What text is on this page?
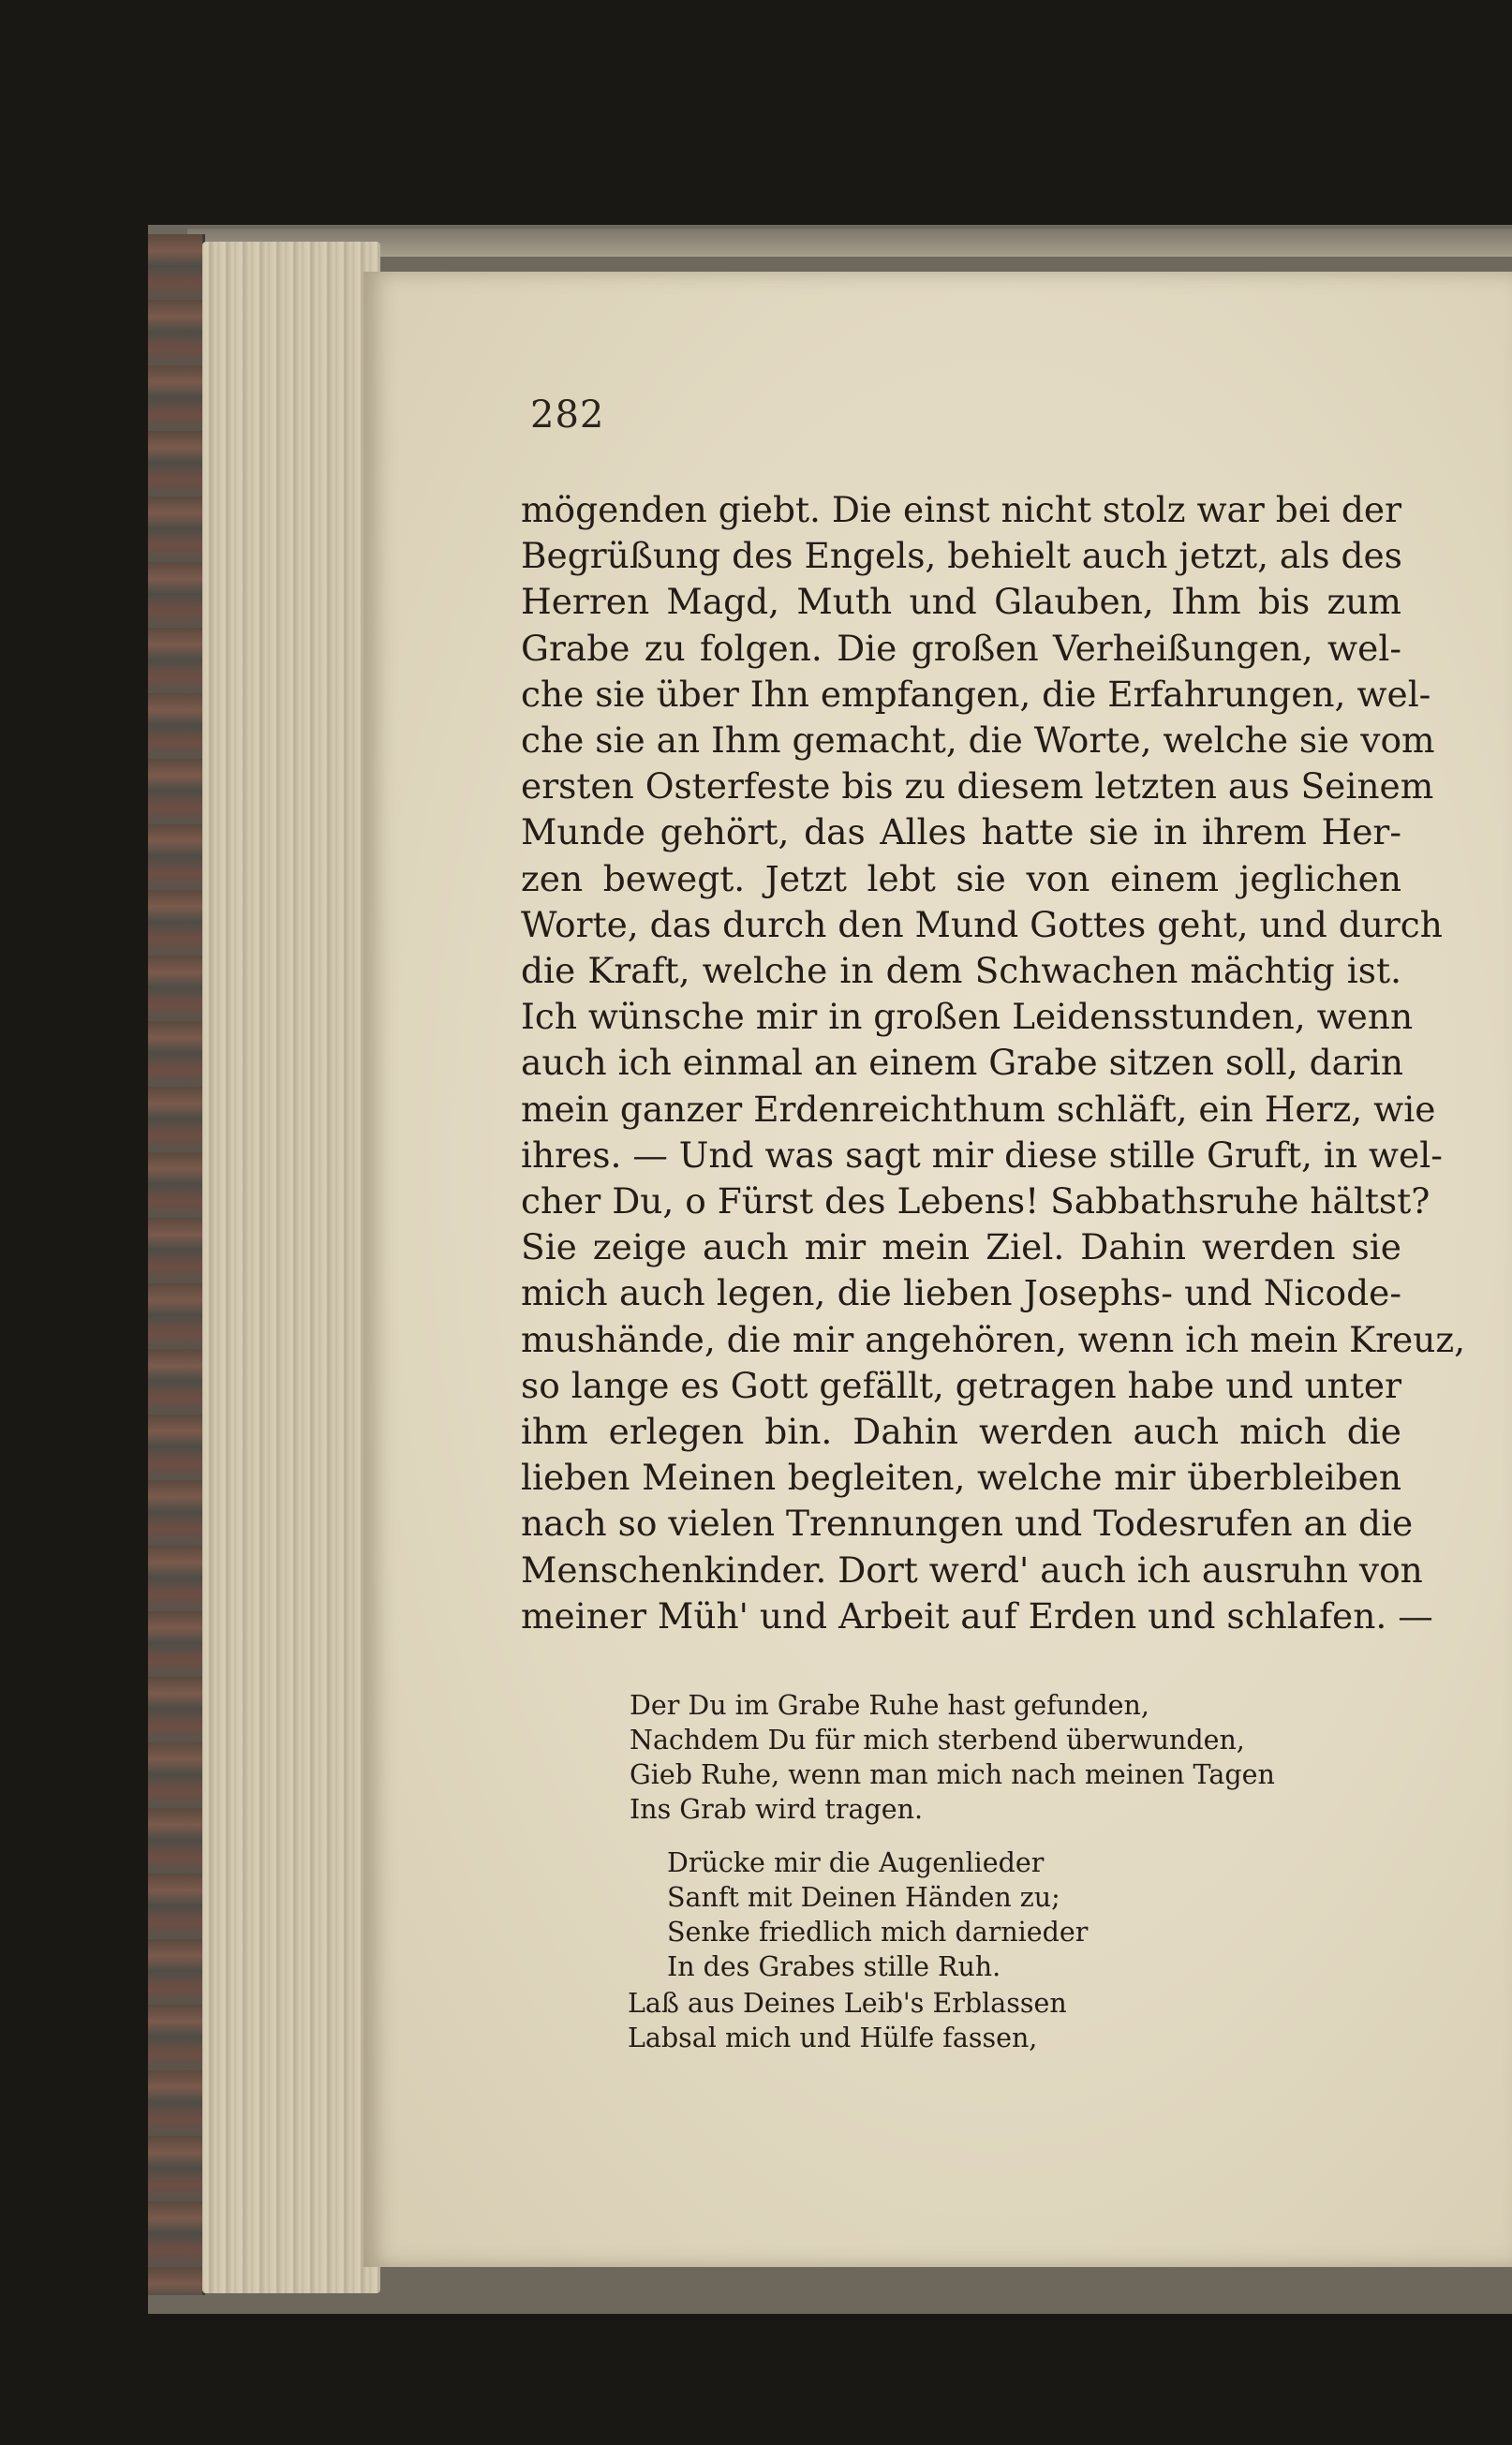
282
mögenden giebt. Die einst nicht stolz war bei der
Begrüßung des Engels, behielt auch jetzt, als des
Herren Magd, Muth und Glauben, Ihm bis zum
Grabe zu folgen. Die großen Verheißungen, wel-
che sie über Ihn empfangen, die Erfahrungen, wel-
che sie an Ihm gemacht, die Worte, welche sie vom
ersten Osterfeste bis zu diesem letzten aus Seinem
Munde gehört, das Alles hatte sie in ihrem Her-
zen bewegt. Jetzt lebt sie von einem jeglichen
Worte, das durch den Mund Gottes geht, und durch
die Kraft, welche in dem Schwachen mächtig ist.
Ich wünsche mir in großen Leidensstunden, wenn
auch ich einmal an einem Grabe sitzen soll, darin
mein ganzer Erdenreichthum schläft, ein Herz, wie
ihres. — Und was sagt mir diese stille Gruft, in wel-
cher Du, o Fürst des Lebens! Sabbathsruhe hältst?
Sie zeige auch mir mein Ziel. Dahin werden sie
mich auch legen, die lieben Josephs- und Nicode-
mushände, die mir angehören, wenn ich mein Kreuz,
so lange es Gott gefällt, getragen habe und unter
ihm erlegen bin. Dahin werden auch mich die
lieben Meinen begleiten, welche mir überbleiben
nach so vielen Trennungen und Todesrufen an die
Menschenkinder. Dort werd' auch ich ausruhn von
meiner Müh' und Arbeit auf Erden und schlafen. —
Der Du im Grabe Ruhe hast gefunden,
Nachdem Du für mich sterbend überwunden,
Gieb Ruhe, wenn man mich nach meinen Tagen
Ins Grab wird tragen.
Drücke mir die Augenlieder
Sanft mit Deinen Händen zu;
Senke friedlich mich darnieder
In des Grabes stille Ruh.
Laß aus Deines Leib's Erblassen
Labsal mich und Hülfe fassen,
